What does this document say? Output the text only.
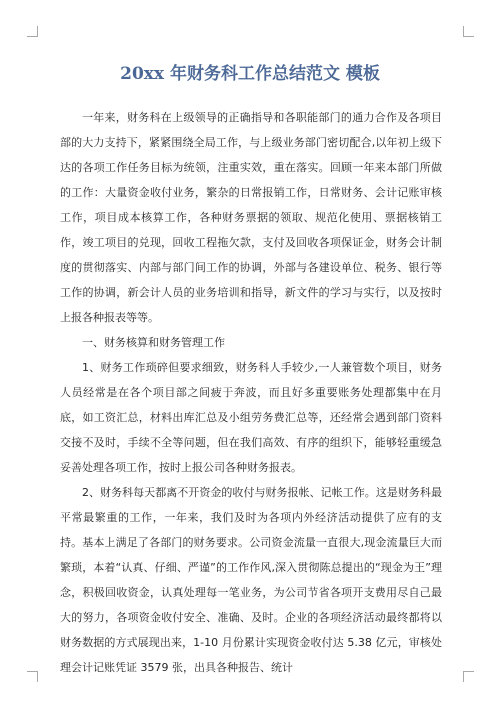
20xx 年财务科工作总结范文 模板

一年来，财务科在上级领导的正确指导和各职能部门的通力合作及各项目部的大力支持下，紧紧围绕全局工作，与上级业务部门密切配合,以年初上级下达的各项工作任务目标为统领，注重实效，重在落实。回顾一年来本部门所做的工作：大量资金收付业务，繁杂的日常报销工作，日常财务、会计记账审核工作，项目成本核算工作，各种财务票据的领取、规范化使用、票据核销工作，竣工项目的兑现，回收工程拖欠款，支付及回收各项保证金，财务会计制度的贯彻落实、内部与部门间工作的协调，外部与各建设单位、税务、银行等工作的协调，新会计人员的业务培训和指导，新文件的学习与实行，以及按时上报各种报表等等。

一、财务核算和财务管理工作

1、财务工作琐碎但要求细致，财务科人手较少,一人兼管数个项目，财务人员经常是在各个项目部之间疲于奔波，而且好多重要账务处理都集中在月底，如工资汇总，材料出库汇总及小组劳务费汇总等，还经常会遇到部门资料交接不及时，手续不全等问题，但在我们高效、有序的组织下，能够轻重缓急妥善处理各项工作，按时上报公司各种财务报表。

2、财务科每天都离不开资金的收付与财务报帐、记帐工作。这是财务科最平常最繁重的工作，一年来，我们及时为各项内外经济活动提供了应有的支持。基本上满足了各部门的财务要求。公司资金流量一直很大,现金流量巨大而繁琐，本着“认真、仔细、严谨”的工作作风,深入贯彻陈总提出的“现金为王”理念，积极回收资金，认真处理每一笔业务，为公司节省各项开支费用尽自己最大的努力，各项资金收付安全、准确、及时。企业的各项经济活动最终都将以财务数据的方式展现出来，1-10 月份累计实现资金收付达 5.38 亿元，审核处理会计记账凭证 3579 张，出具各种报告、统计
